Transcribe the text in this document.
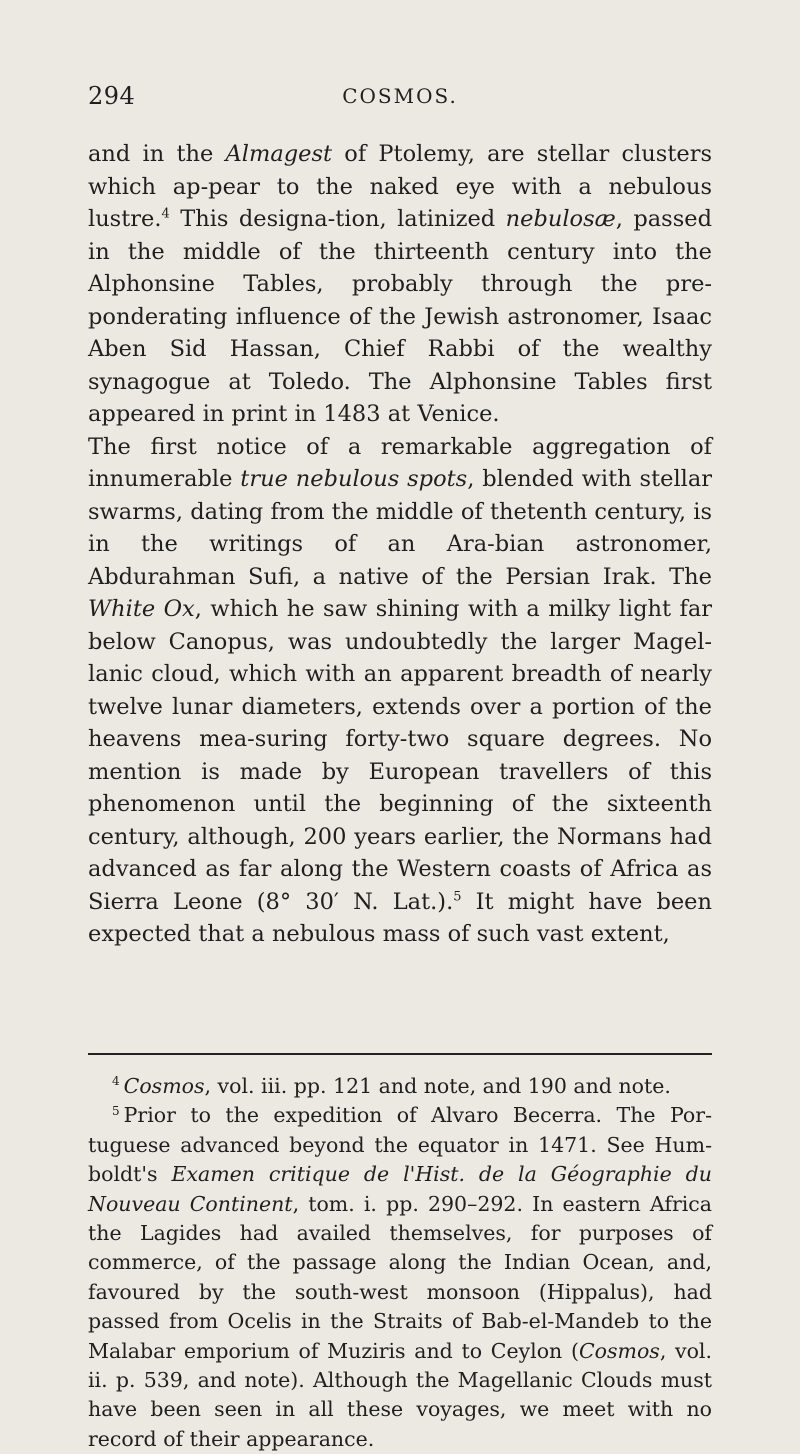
294	COSMOS.

and in the Almagest of Ptolemy, are stellar clusters which ap-pear to the naked eye with a nebulous lustre.$^4$ This designa-tion, latinized nebulosæ, passed in the middle of the thirteenth century into the Alphonsine Tables, probably through the pre-ponderating influence of the Jewish astronomer, Isaac Aben Sid Hassan, Chief Rabbi of the wealthy synagogue at Toledo. The Alphonsine Tables first appeared in print in 1483 at Venice.

The first notice of a remarkable aggregation of innumerable true nebulous spots, blended with stellar swarms, dating from the middle of thetenth century, is in the writings of an Ara-bian astronomer, Abdurahman Sufi, a native of the Persian Irak. The White Ox, which he saw shining with a milky light far below Canopus, was undoubtedly the larger Magel-lanic cloud, which with an apparent breadth of nearly twelve lunar diameters, extends over a portion of the heavens mea-suring forty-two square degrees. No mention is made by European travellers of this phenomenon until the beginning of the sixteenth century, although, 200 years earlier, the Normans had advanced as far along the Western coasts of Africa as Sierra Leone (8° 30′ N. Lat.).$^5$ It might have been expected that a nebulous mass of such vast extent,

$^4$ Cosmos, vol. iii. pp. 121 and note, and 190 and note.

$^5$ Prior to the expedition of Alvaro Becerra. The Por-tuguese advanced beyond the equator in 1471. See Hum-boldt's Examen critique de l'Hist. de la Géographie du Nouveau Continent, tom. i. pp. 290–292. In eastern Africa the Lagides had availed themselves, for purposes of commerce, of the passage along the Indian Ocean, and, favoured by the south-west monsoon (Hippalus), had passed from Ocelis in the Straits of Bab-el-Mandeb to the Malabar emporium of Muziris and to Ceylon (Cosmos, vol. ii. p. 539, and note). Although the Magellanic Clouds must have been seen in all these voyages, we meet with no record of their appearance.
